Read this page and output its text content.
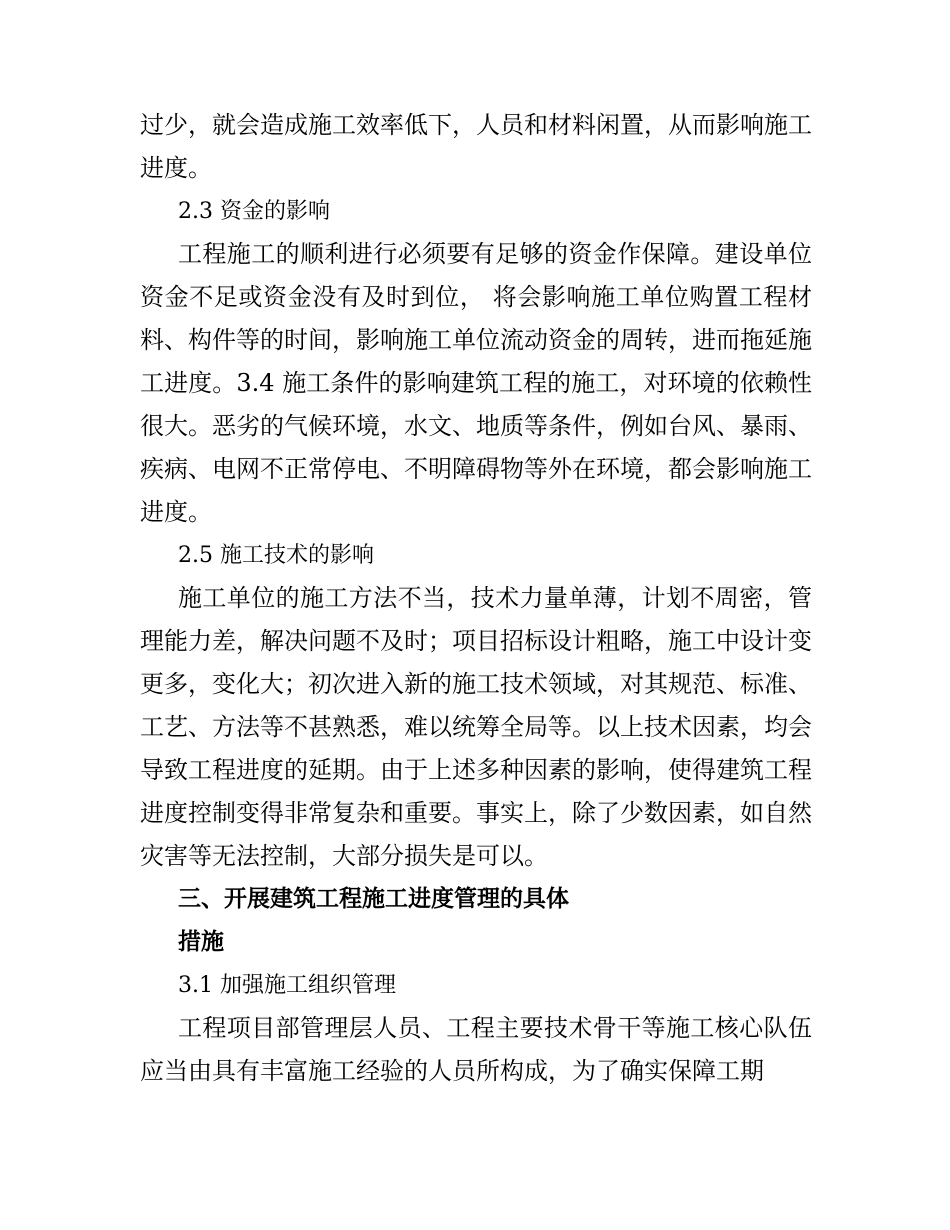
过少，就会造成施工效率低下，人员和材料闲置，从而影响施工进度。

2.3 资金的影响

工程施工的顺利进行必须要有足够的资金作保障。建设单位资金不足或资金没有及时到位， 将会影响施工单位购置工程材料、构件等的时间，影响施工单位流动资金的周转，进而拖延施工进度。3.4 施工条件的影响建筑工程的施工，对环境的依赖性很大。恶劣的气候环境，水文、地质等条件，例如台风、暴雨、疾病、电网不正常停电、不明障碍物等外在环境，都会影响施工进度。

2.5 施工技术的影响

施工单位的施工方法不当，技术力量单薄，计划不周密，管理能力差，解决问题不及时；项目招标设计粗略，施工中设计变更多，变化大；初次进入新的施工技术领域，对其规范、标准、工艺、方法等不甚熟悉，难以统筹全局等。以上技术因素，均会导致工程进度的延期。由于上述多种因素的影响，使得建筑工程进度控制变得非常复杂和重要。事实上，除了少数因素，如自然灾害等无法控制，大部分损失是可以。

三、开展建筑工程施工进度管理的具体

措施

3.1 加强施工组织管理

工程项目部管理层人员、工程主要技术骨干等施工核心队伍应当由具有丰富施工经验的人员所构成，为了确实保障工期
